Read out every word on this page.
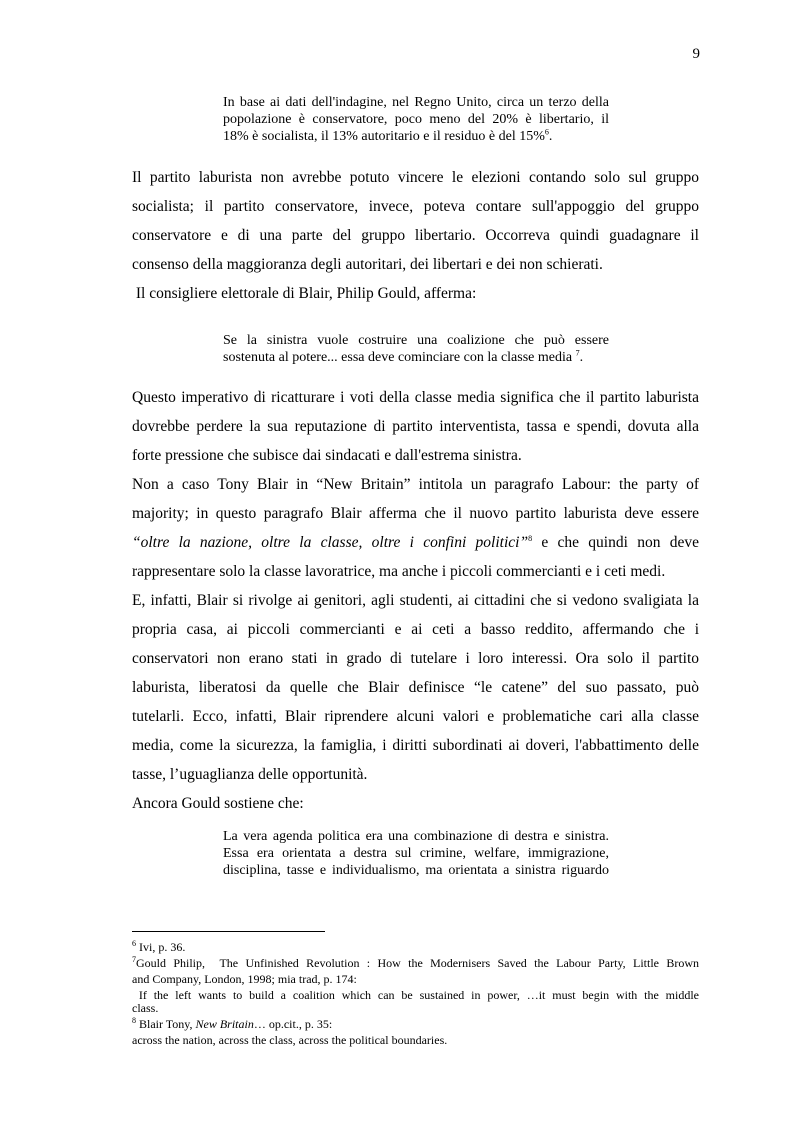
9
In base ai dati dell'indagine, nel Regno Unito, circa un terzo della
popolazione è conservatore, poco meno del 20% è libertario, il
18% è socialista, il 13% autoritario e il residuo è del 15%$^6$.
Il partito laburista non avrebbe potuto vincere le elezioni contando solo sul gruppo
socialista; il partito conservatore, invece, poteva contare sull'appoggio del gruppo
conservatore e di una parte del gruppo libertario. Occorreva quindi guadagnare il
consenso della maggioranza degli autoritari, dei libertari e dei non schierati.
Il consigliere elettorale di Blair, Philip Gould, afferma:
Se la sinistra vuole costruire una coalizione che può essere
sostenuta al potere... essa deve cominciare con la classe media $^7$.
Questo imperativo di ricatturare i voti della classe media significa che il partito laburista
dovrebbe perdere la sua reputazione di partito interventista, tassa e spendi, dovuta alla
forte pressione che subisce dai sindacati e dall'estrema sinistra.
Non a caso Tony Blair in “New Britain” intitola un paragrafo Labour: the party of
majority; in questo paragrafo Blair afferma che il nuovo partito laburista deve essere
“oltre la nazione, oltre la classe, oltre i confini politici”$^8$ e che quindi non deve
rappresentare solo la classe lavoratrice, ma anche i piccoli commercianti e i ceti medi.
E, infatti, Blair si rivolge ai genitori, agli studenti, ai cittadini che si vedono svaligiata la
propria casa, ai piccoli commercianti e ai ceti a basso reddito, affermando che i
conservatori non erano stati in grado di tutelare i loro interessi. Ora solo il partito
laburista, liberatosi da quelle che Blair definisce “le catene” del suo passato, può
tutelarli. Ecco, infatti, Blair riprendere alcuni valori e problematiche cari alla classe
media, come la sicurezza, la famiglia, i diritti subordinati ai doveri, l'abbattimento delle
tasse, l’uguaglianza delle opportunità.
Ancora Gould sostiene che:
La vera agenda politica era una combinazione di destra e sinistra.
Essa era orientata a destra sul crimine, welfare, immigrazione,
disciplina, tasse e individualismo, ma orientata a sinistra riguardo
$^6$ Ivi, p. 36.
$^7$Gould Philip,  The Unfinished Revolution : How the Modernisers Saved the Labour Party, Little Brown
and Company, London, 1998; mia trad, p. 174:
If the left wants to build a coalition which can be sustained in power, …it must begin with the middle
class.
$^8$ Blair Tony, New Britain… op.cit., p. 35:
across the nation, across the class, across the political boundaries.
